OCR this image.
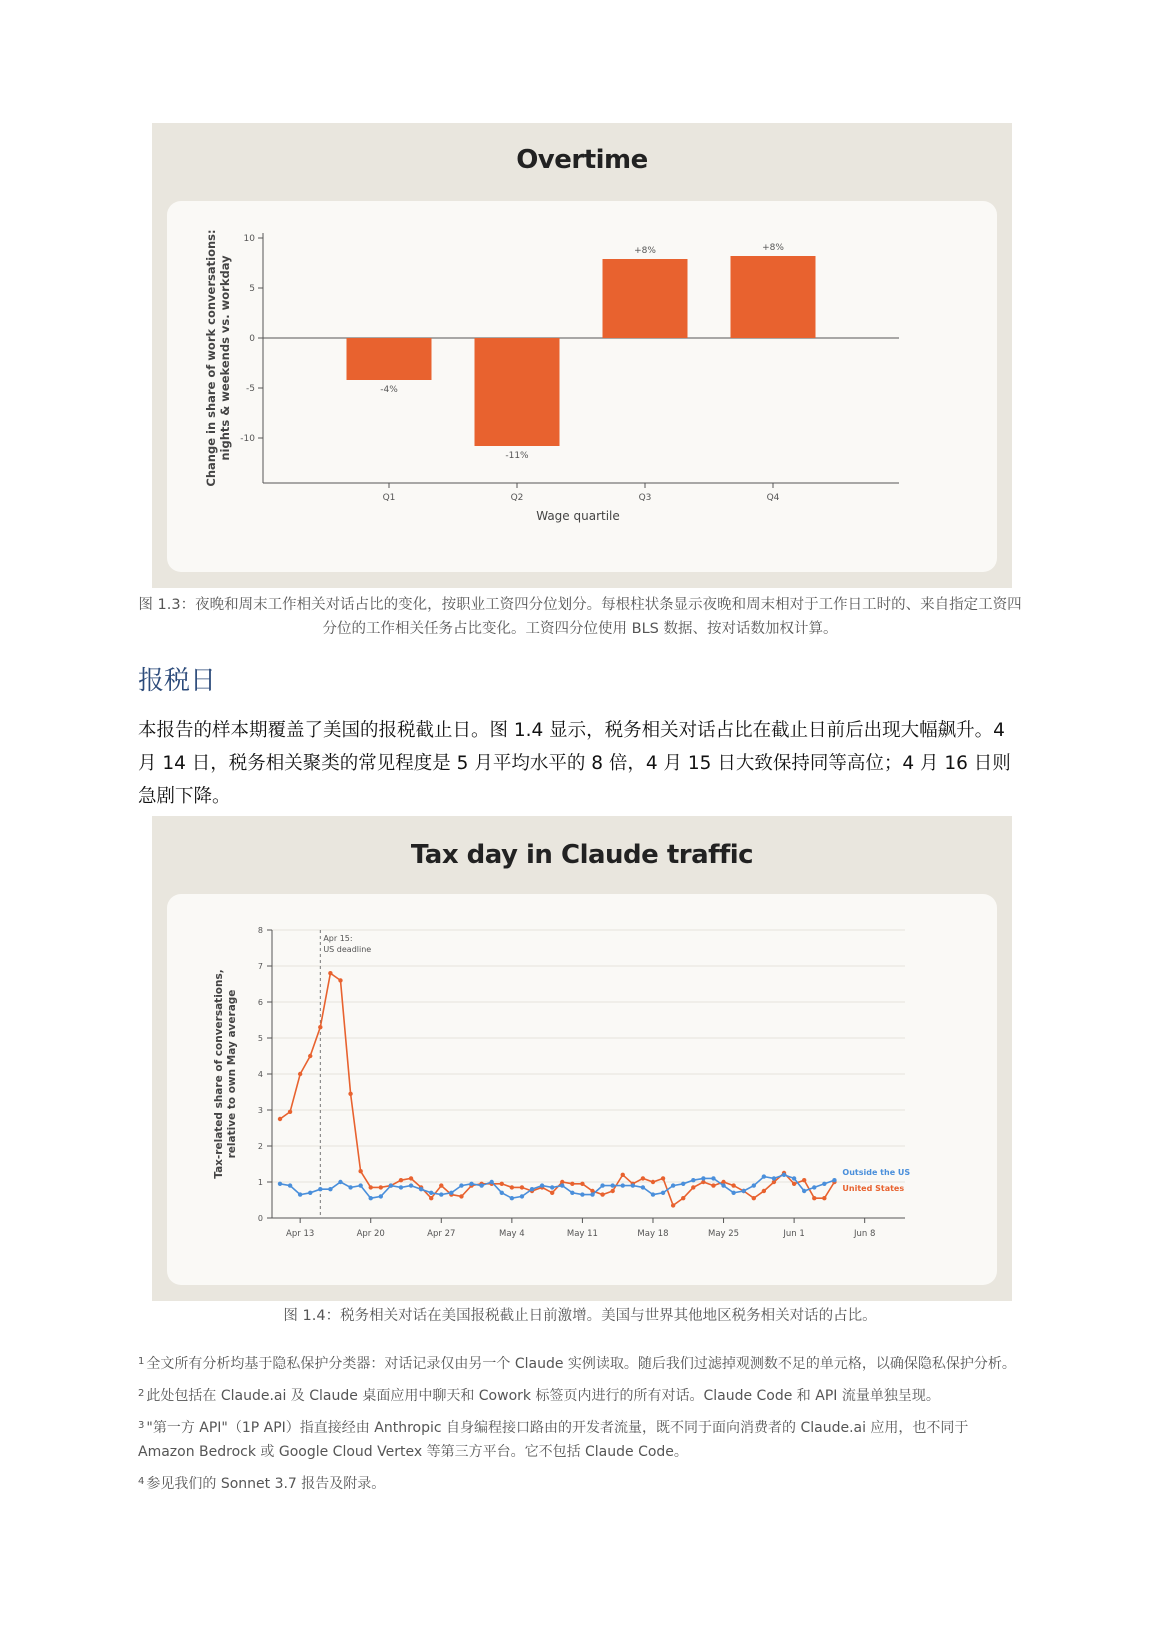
Overtime
10
5
0
-5
-10
-4%
Q1
-11%
Q2
+8%
Q3
+8%
Q4
Wage quartile
Change in share of work conversations:nights & weekends vs. workday
图 1.3：夜晚和周末工作相关对话占比的变化，按职业工资四分位划分。每根柱状条显示夜晚和周末相对于工作日工时的、来自指定工资四分位的工作相关任务占比变化。工资四分位使用 BLS 数据、按对话数加权计算。
报税日

本报告的样本期覆盖了美国的报税截止日。图 1.4 显示，税务相关对话占比在截止日前后出现大幅飙升。4 月 14 日，税务相关聚类的常见程度是 5 月平均水平的 8 倍，4 月 15 日大致保持同等高位；4 月 16 日则急剧下降。

Tax day in Claude traffic
0
1
2
3
4
5
6
7
8
Apr 13	Apr 20	Apr 27	May 4	May 11	May 18	May 25	Jun 1	Jun 8
Apr 15:
US deadline
United States
Outside the US
Tax-related share of conversations,relative to own May average
图 1.4：税务相关对话在美国报税截止日前激增。美国与世界其他地区税务相关对话的占比。

$^1$ 全文所有分析均基于隐私保护分类器：对话记录仅由另一个 Claude 实例读取。随后我们过滤掉观测数不足的单元格，以确保隐私保护分析。

$^2$ 此处包括在 Claude.ai 及 Claude 桌面应用中聊天和 Cowork 标签页内进行的所有对话。Claude Code 和 API 流量单独呈现。

$^3$ "第一方 API"（1P API）指直接经由 Anthropic 自身编程接口路由的开发者流量，既不同于面向消费者的 Claude.ai 应用，也不同于 Amazon Bedrock 或 Google Cloud Vertex 等第三方平台。它不包括 Claude Code。

$^4$ 参见我们的 Sonnet 3.7 报告及附录。
